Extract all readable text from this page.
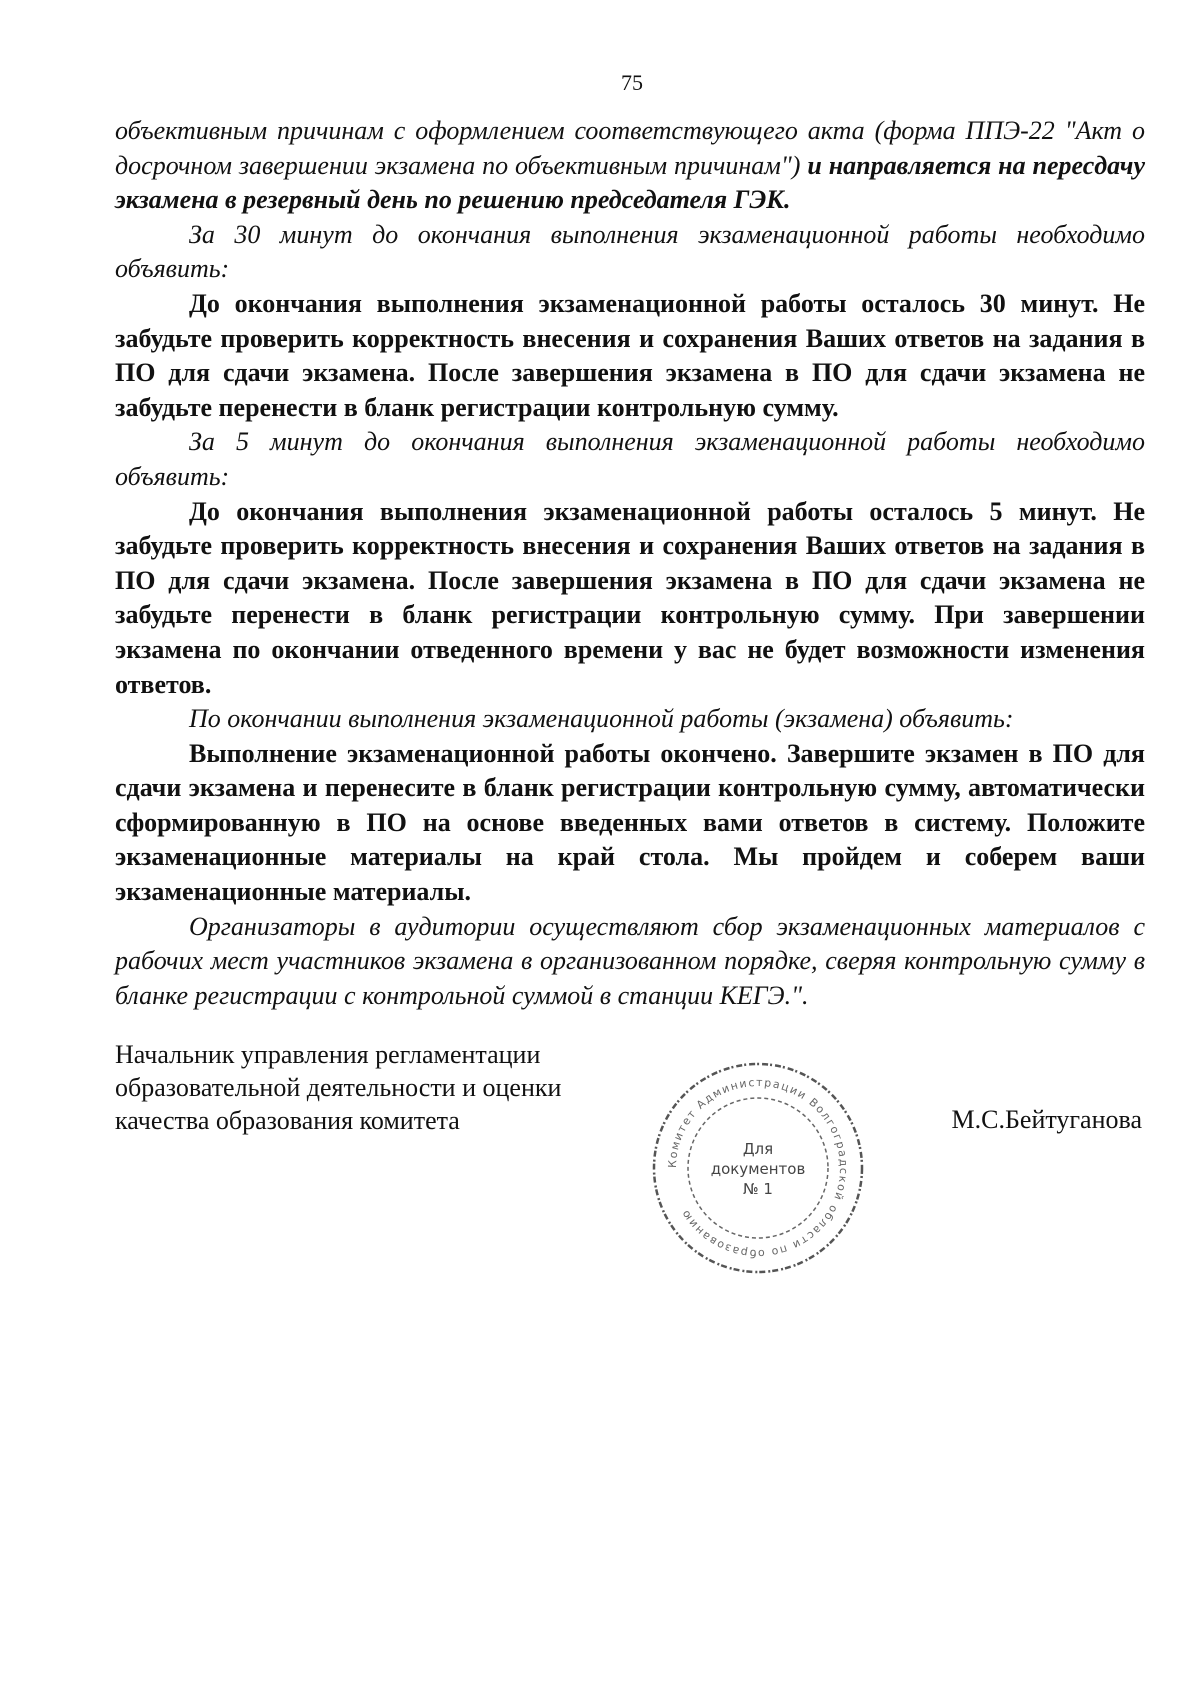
75

объективным причинам с оформлением соответствующего акта (форма ППЭ-22 "Акт о досрочном завершении экзамена по объективным причинам") и направляется на пересдачу экзамена в резервный день по решению председателя ГЭК.

За 30 минут до окончания выполнения экзаменационной работы необходимо объявить:

До окончания выполнения экзаменационной работы осталось 30 минут. Не забудьте проверить корректность внесения и сохранения Ваших ответов на задания в ПО для сдачи экзамена. После завершения экзамена в ПО для сдачи экзамена не забудьте перенести в бланк регистрации контрольную сумму.

За 5 минут до окончания выполнения экзаменационной работы необходимо объявить:

До окончания выполнения экзаменационной работы осталось 5 минут. Не забудьте проверить корректность внесения и сохранения Ваших ответов на задания в ПО для сдачи экзамена. После завершения экзамена в ПО для сдачи экзамена не забудьте перенести в бланк регистрации контрольную сумму. При завершении экзамена по окончании отведенного времени у вас не будет возможности изменения ответов.

По окончании выполнения экзаменационной работы (экзамена) объявить:

Выполнение экзаменационной работы окончено. Завершите экзамен в ПО для сдачи экзамена и перенесите в бланк регистрации контрольную сумму, автоматически сформированную в ПО на основе введенных вами ответов в систему. Положите экзаменационные материалы на край стола. Мы пройдем и соберем ваши экзаменационные материалы.

Организаторы в аудитории осуществляют сбор экзаменационных материалов с рабочих мест участников экзамена в организованном порядке, сверяя контрольную сумму в бланке регистрации с контрольной суммой в станции КЕГЭ.".

Начальник управления регламентации
образовательной деятельности и оценки
качества образования комитета	М.С.Бейтуганова
Комитет Администрации Волгоградской области по образованию
Для
документов
№ 1
